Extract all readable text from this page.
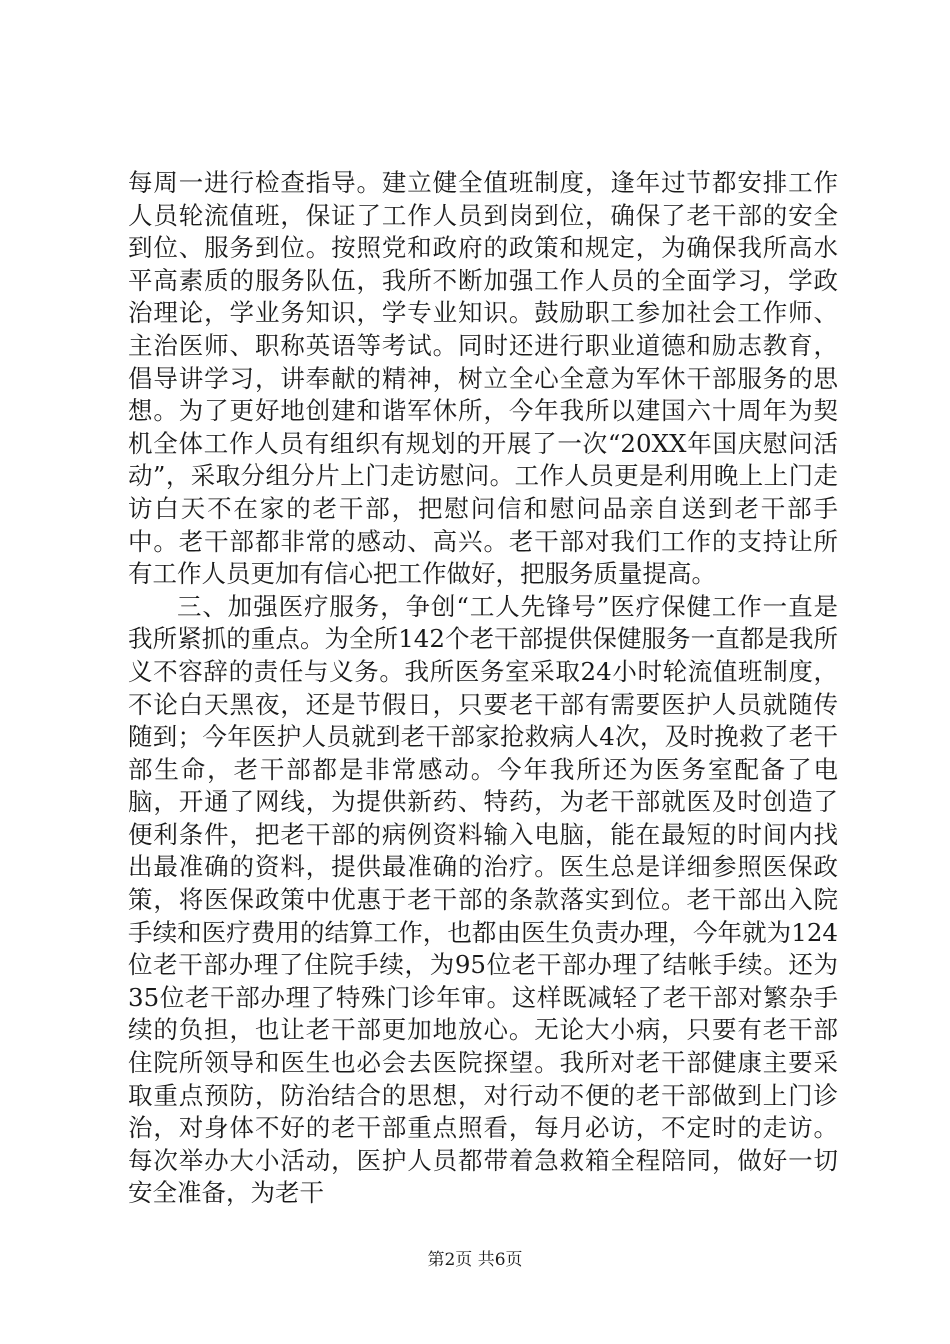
每周一进行检查指导。建立健全值班制度，逢年过节都安排工作人员轮流值班，保证了工作人员到岗到位，确保了老干部的安全到位、服务到位。按照党和政府的政策和规定，为确保我所高水平高素质的服务队伍，我所不断加强工作人员的全面学习，学政治理论，学业务知识，学专业知识。鼓励职工参加社会工作师、主治医师、职称英语等考试。同时还进行职业道德和励志教育，倡导讲学习，讲奉献的精神，树立全心全意为军休干部服务的思想。为了更好地创建和谐军休所，今年我所以建国六十周年为契机全体工作人员有组织有规划的开展了一次“20XX年国庆慰问活动”，采取分组分片上门走访慰问。工作人员更是利用晚上上门走访白天不在家的老干部，把慰问信和慰问品亲自送到老干部手中。老干部都非常的感动、高兴。老干部对我们工作的支持让所有工作人员更加有信心把工作做好，把服务质量提高。

三、加强医疗服务，争创“工人先锋号”医疗保健工作一直是我所紧抓的重点。为全所142个老干部提供保健服务一直都是我所义不容辞的责任与义务。我所医务室采取24小时轮流值班制度，不论白天黑夜，还是节假日，只要老干部有需要医护人员就随传随到；今年医护人员就到老干部家抢救病人4次，及时挽救了老干部生命，老干部都是非常感动。今年我所还为医务室配备了电脑，开通了网线，为提供新药、特药，为老干部就医及时创造了便利条件，把老干部的病例资料输入电脑，能在最短的时间内找出最准确的资料，提供最准确的治疗。医生总是详细参照医保政策，将医保政策中优惠于老干部的条款落实到位。老干部出入院手续和医疗费用的结算工作，也都由医生负责办理，今年就为124位老干部办理了住院手续，为95位老干部办理了结帐手续。还为35位老干部办理了特殊门诊年审。这样既减轻了老干部对繁杂手续的负担，也让老干部更加地放心。无论大小病，只要有老干部住院所领导和医生也必会去医院探望。我所对老干部健康主要采取重点预防，防治结合的思想，对行动不便的老干部做到上门诊治，对身体不好的老干部重点照看，每月必访，不定时的走访。每次举办大小活动，医护人员都带着急救箱全程陪同，做好一切安全准备，为老干

第2页 共6页
